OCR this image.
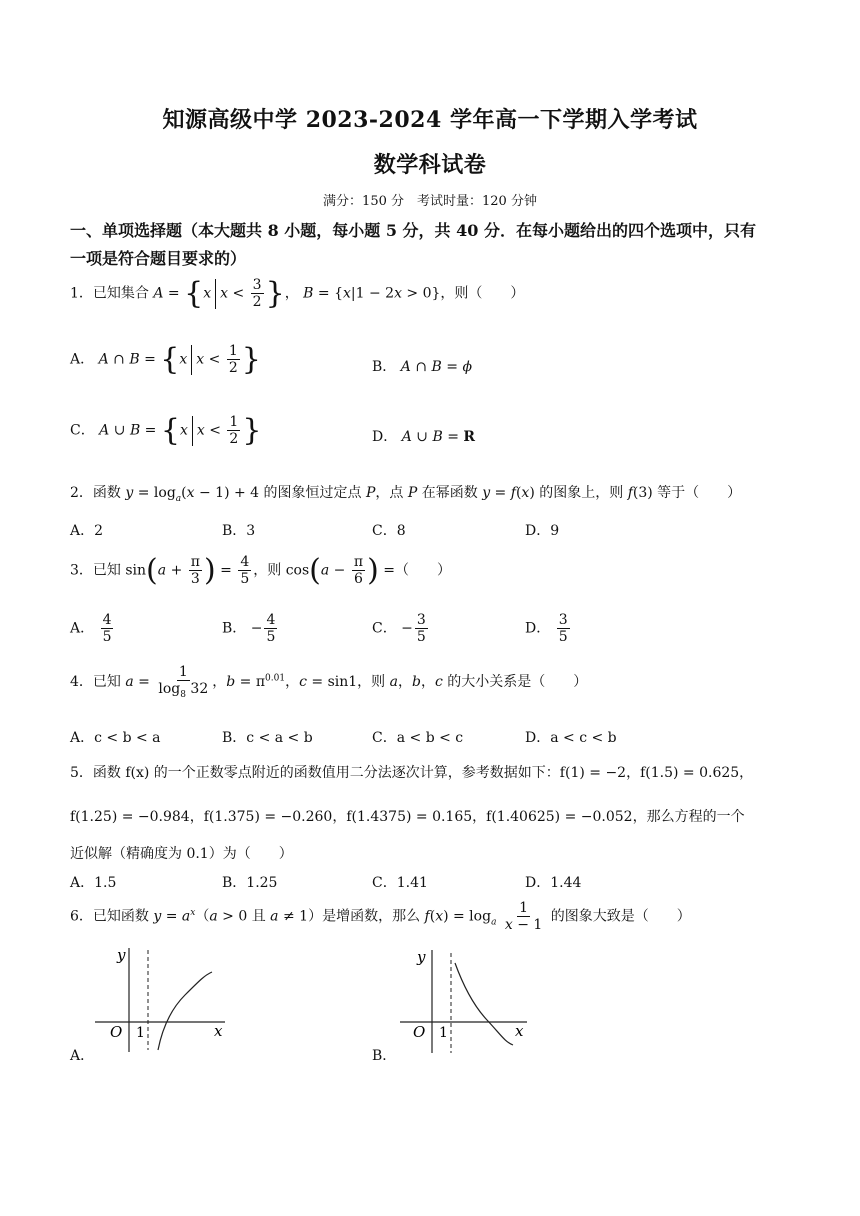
知源高级中学 2023-2024 学年高一下学期入学考试
数学科试卷
满分：150 分　考试时量：120 分钟
一、单项选择题（本大题共 8 小题，每小题 5 分，共 40 分．在每小题给出的四个选项中，只有
一项是符合题目要求的）
1．已知集合 A = {x $x < \frac{3}{2}$ }， B = {x|1 − 2x > 0}，则（　　）
A． A ∩ B = {x $x < \frac{1}{2}$ }	B． A ∩ B = ϕ
C． A ∪ B = {x $x < \frac{1}{2}$ }	D． A ∪ B = R
2．函数 $y = \log_a(x - 1) + 4$ 的图象恒过定点 P，点 P 在幂函数 y = f(x) 的图象上，则 f(3) 等于（　　）
A．2	B．3	C．8	D．9
3．已知 $\sin(a + \frac{\pi}{3}$ ) = $\frac{4}{5}$ ，则 $\cos(a - \frac{\pi}{6}$ ) =（　　）
A． $\frac{4}{5}$	B． − $\frac{4}{5}$	C． − $\frac{3}{5}$	D． $\frac{3}{5}$
4．已知 $a = \frac{1}{\log_8 32}$ ，$b = \pi^{0.01}$，c = sin1，则 a，b，c 的大小关系是（　　）
A．c < b < a	B．c < a < b	C．a < b < c	D．a < c < b
5．函数 f(x) 的一个正数零点附近的函数值用二分法逐次计算，参考数据如下：f(1) = −2，f(1.5) = 0.625，
f(1.25) = −0.984，f(1.375) = −0.260，f(1.4375) = 0.165，f(1.40625) = −0.052，那么方程的一个
近似解（精确度为 0.1）为（　　）
A．1.5	B．1.25	C．1.41	D．1.44
6．已知函数 $y = a^x(a > 0$ 且 a ≠ 1）是增函数，那么 $f(x) = \log_a \frac{1}{x - 1}$ 的图象大致是（　　）
y
x
O 1
A．
y
x
O 1
B．
